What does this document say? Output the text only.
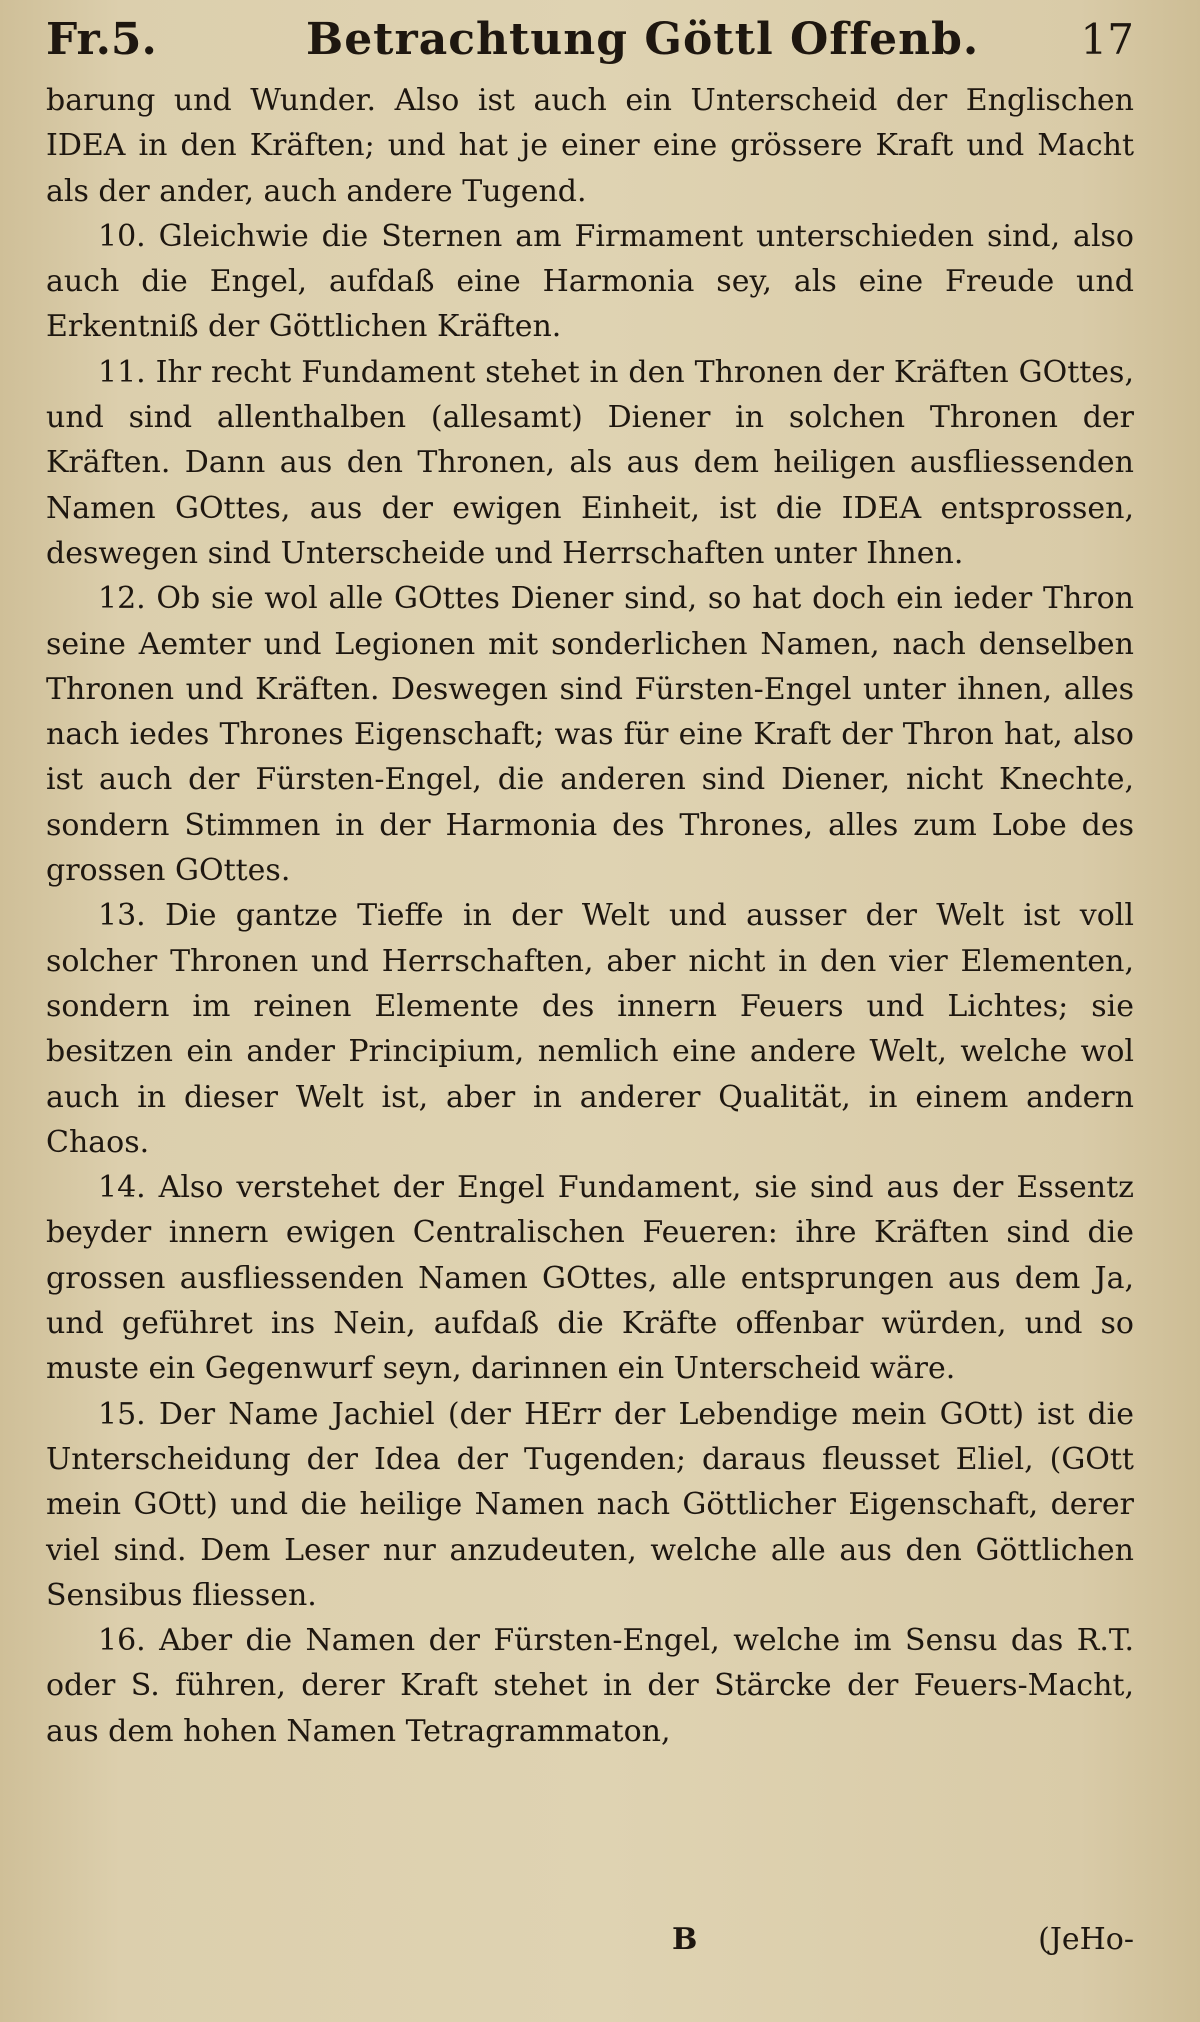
Fr.5.	Betrachtung Göttl Offenb.	17

barung und Wunder. Also ist auch ein Unterscheid der Englischen IDEA in den Kräften; und hat je einer eine grössere Kraft und Macht als der ander, auch andere Tugend.

10. Gleichwie die Sternen am Firmament unterschieden sind, also auch die Engel, aufdaß eine Harmonia sey, als eine Freude und Erkentniß der Göttlichen Kräften.

11. Ihr recht Fundament stehet in den Thronen der Kräften GOttes, und sind allenthalben (allesamt) Diener in solchen Thronen der Kräften. Dann aus den Thronen, als aus dem heiligen ausfliessenden Namen GOttes, aus der ewigen Einheit, ist die IDEA entsprossen, deswegen sind Unterscheide und Herrschaften unter Ihnen.

12. Ob sie wol alle GOttes Diener sind, so hat doch ein ieder Thron seine Aemter und Legionen mit sonderlichen Namen, nach denselben Thronen und Kräften. Deswegen sind Fürsten-Engel unter ihnen, alles nach iedes Thrones Eigenschaft; was für eine Kraft der Thron hat, also ist auch der Fürsten-Engel, die anderen sind Diener, nicht Knechte, sondern Stimmen in der Harmonia des Thrones, alles zum Lobe des grossen GOttes.

13. Die gantze Tieffe in der Welt und ausser der Welt ist voll solcher Thronen und Herrschaften, aber nicht in den vier Elementen, sondern im reinen Elemente des innern Feuers und Lichtes; sie besitzen ein ander Principium, nemlich eine andere Welt, welche wol auch in dieser Welt ist, aber in anderer Qualität, in einem andern Chaos.

14. Also verstehet der Engel Fundament, sie sind aus der Essentz beyder innern ewigen Centralischen Feueren: ihre Kräften sind die grossen ausfliessenden Namen GOttes, alle entsprungen aus dem Ja, und geführet ins Nein, aufdaß die Kräfte offenbar würden, und so muste ein Gegenwurf seyn, darinnen ein Unterscheid wäre.

15. Der Name Jachiel (der HErr der Lebendige mein GOtt) ist die Unterscheidung der Idea der Tugenden; daraus fleusset Eliel, (GOtt mein GOtt) und die heilige Namen nach Göttlicher Eigenschaft, derer viel sind. Dem Leser nur anzudeuten, welche alle aus den Göttlichen Sensibus fliessen.

16. Aber die Namen der Fürsten-Engel, welche im Sensu das R.T. oder S. führen, derer Kraft stehet in der Stärcke der Feuers-Macht, aus dem hohen Namen Tetragrammaton,

B	(JeHo-
